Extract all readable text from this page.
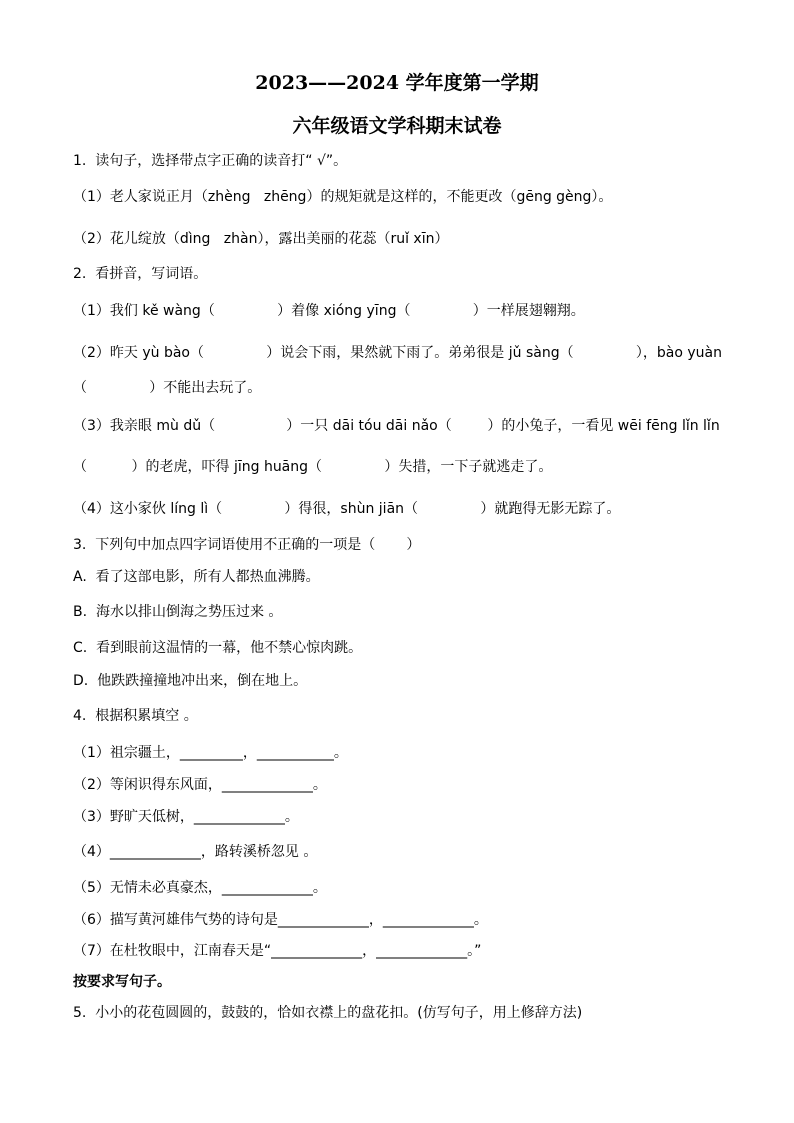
2023——2024 学年度第一学期
六年级语文学科期末试卷
1.  读句子，选择带点字正确的读音打“ √”。
（1）老人家说正月（zhèng   zhēng）的规矩就是这样的，不能更改（gēng gèng）。
（2）花儿绽放（dìng   zhàn），露出美丽的花蕊（ruǐ xīn）
2.  看拼音，写词语。
（1）我们 kě wàng（              ）着像 xióng yīng（              ）一样展翅翱翔。
（2）昨天 yù bào（              ）说会下雨，果然就下雨了。弟弟很是 jǔ sàng（              ），bào yuàn
（              ）不能出去玩了。
（3）我亲眼 mù dǔ（                ）一只 dāi tóu dāi nǎo（        ）的小兔子，一看见 wēi fēng lǐn lǐn
（          ）的老虎，吓得 jīng huāng（              ）失措，一下子就逃走了。
（4）这小家伙 líng lì（              ）得很，shùn jiān（              ）就跑得无影无踪了。
3.  下列句中加点四字词语使用不正确的一项是（       ）
A.  看了这部电影，所有人都热血沸腾。
B.  海水以排山倒海之势压过来 。
C.  看到眼前这温情的一幕，他不禁心惊肉跳。
D.  他跌跌撞撞地冲出来，倒在地上。
4.  根据积累填空 。
（1）祖宗疆土，_________，___________。
（2）等闲识得东风面，_____________。
（3）野旷天低树，_____________。
（4）_____________，路转溪桥忽见 。
（5）无情未必真豪杰，_____________。
（6）描写黄河雄伟气势的诗句是_____________，_____________。
（7）在杜牧眼中，江南春天是“_____________，_____________。”
按要求写句子。
5.  小小的花苞圆圆的，鼓鼓的，恰如衣襟上的盘花扣。(仿写句子，用上修辞方法)
